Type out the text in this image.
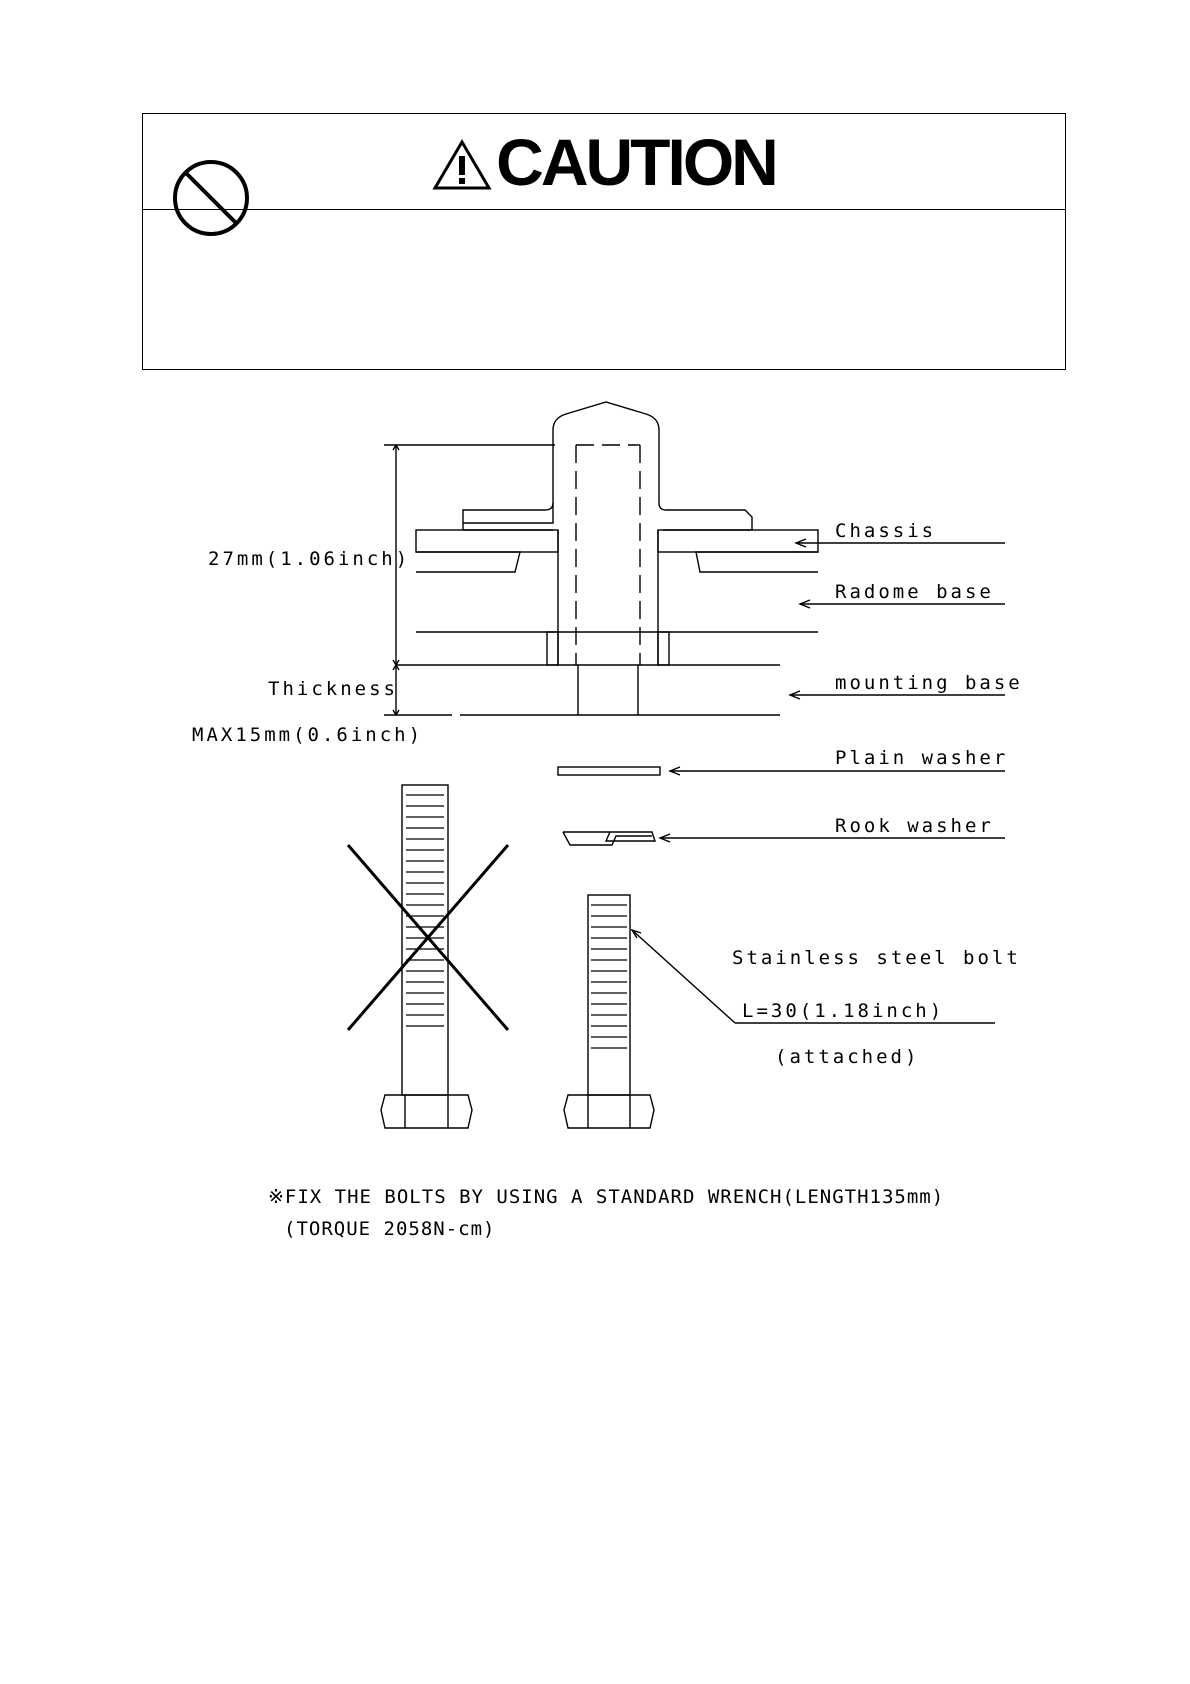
CAUTION
Chassis
Radome base
mounting base
Plain washer
Rook washer
Stainless steel bolt
L=30(1.18inch)
(attached)
27mm(1.06inch)
Thickness
MAX15mm(0.6inch)
※FIX THE BOLTS BY USING A STANDARD WRENCH(LENGTH135mm)
(TORQUE 2058N-cm)
